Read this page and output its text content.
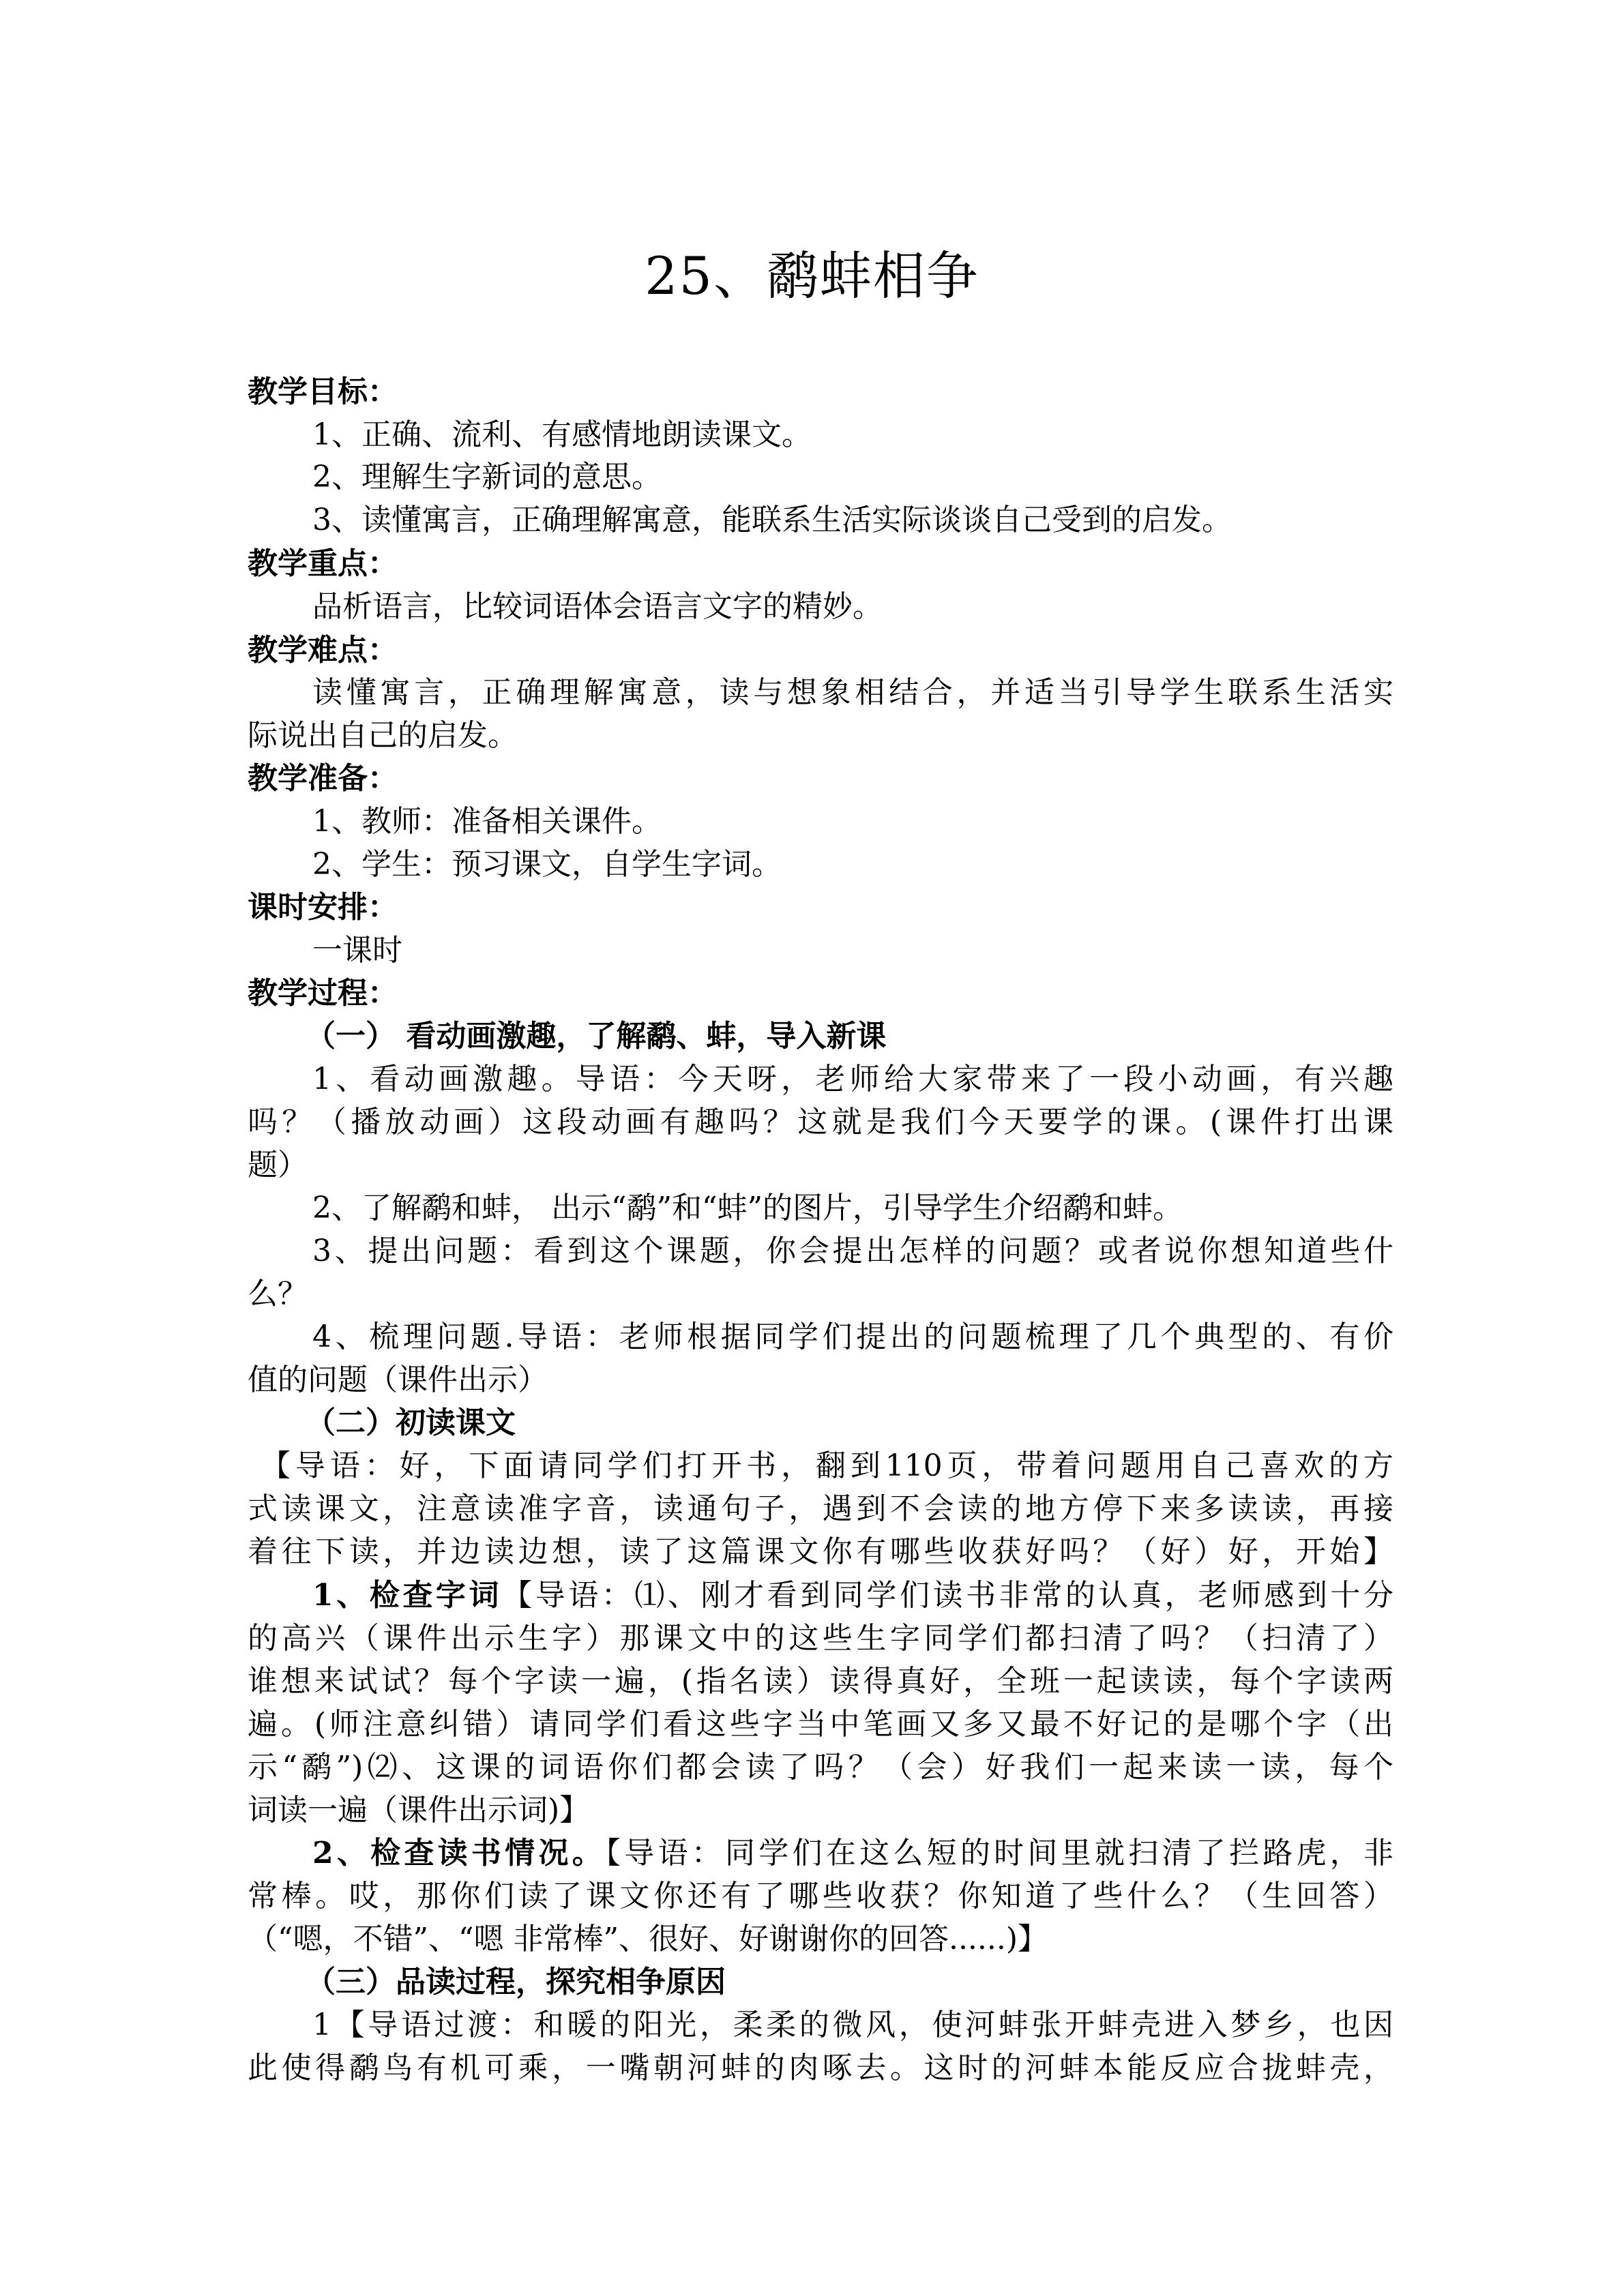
25、鹬蚌相争
教学目标：
1、正确、流利、有感情地朗读课文。
2、理解生字新词的意思。
3、读懂寓言，正确理解寓意，能联系生活实际谈谈自己受到的启发。
教学重点：
品析语言，比较词语体会语言文字的精妙。
教学难点：
读懂寓言，正确理解寓意，读与想象相结合，并适当引导学生联系生活实
际说出自己的启发。
教学准备：
1、教师：准备相关课件。
2、学生：预习课文，自学生字词。
课时安排：
一课时
教学过程：
（一） 看动画激趣，了解鹬、蚌，导入新课
1、看动画激趣。导语：今天呀，老师给大家带来了一段小动画，有兴趣
吗？（播放动画）这段动画有趣吗？这就是我们今天要学的课。(课件打出课
题）
2、了解鹬和蚌， 出示“鹬”和“蚌”的图片，引导学生介绍鹬和蚌。
3、提出问题：看到这个课题，你会提出怎样的问题？或者说你想知道些什
么？
4、梳理问题.导语：老师根据同学们提出的问题梳理了几个典型的、有价
值的问题（课件出示）
（二）初读课文
【导语：好，下面请同学们打开书，翻到110页，带着问题用自己喜欢的方
式读课文，注意读准字音，读通句子，遇到不会读的地方停下来多读读，再接
着往下读，并边读边想，读了这篇课文你有哪些收获好吗？（好）好，开始】
1、检查字词【导语：⑴、刚才看到同学们读书非常的认真，老师感到十分
的高兴（课件出示生字）那课文中的这些生字同学们都扫清了吗？（扫清了）
谁想来试试？每个字读一遍，(指名读）读得真好，全班一起读读，每个字读两
遍。(师注意纠错）请同学们看这些字当中笔画又多又最不好记的是哪个字（出
示“鹬”)⑵、这课的词语你们都会读了吗？（会）好我们一起来读一读，每个
词读一遍（课件出示词)】
2、检查读书情况。【导语：同学们在这么短的时间里就扫清了拦路虎，非
常棒。哎，那你们读了课文你还有了哪些收获？你知道了些什么？（生回答）
（“嗯，不错”、“嗯 非常棒”、很好、好谢谢你的回答......)】
（三）品读过程，探究相争原因
1【导语过渡：和暖的阳光，柔柔的微风，使河蚌张开蚌壳进入梦乡，也因
此使得鹬鸟有机可乘，一嘴朝河蚌的肉啄去。这时的河蚌本能反应合拢蚌壳，
